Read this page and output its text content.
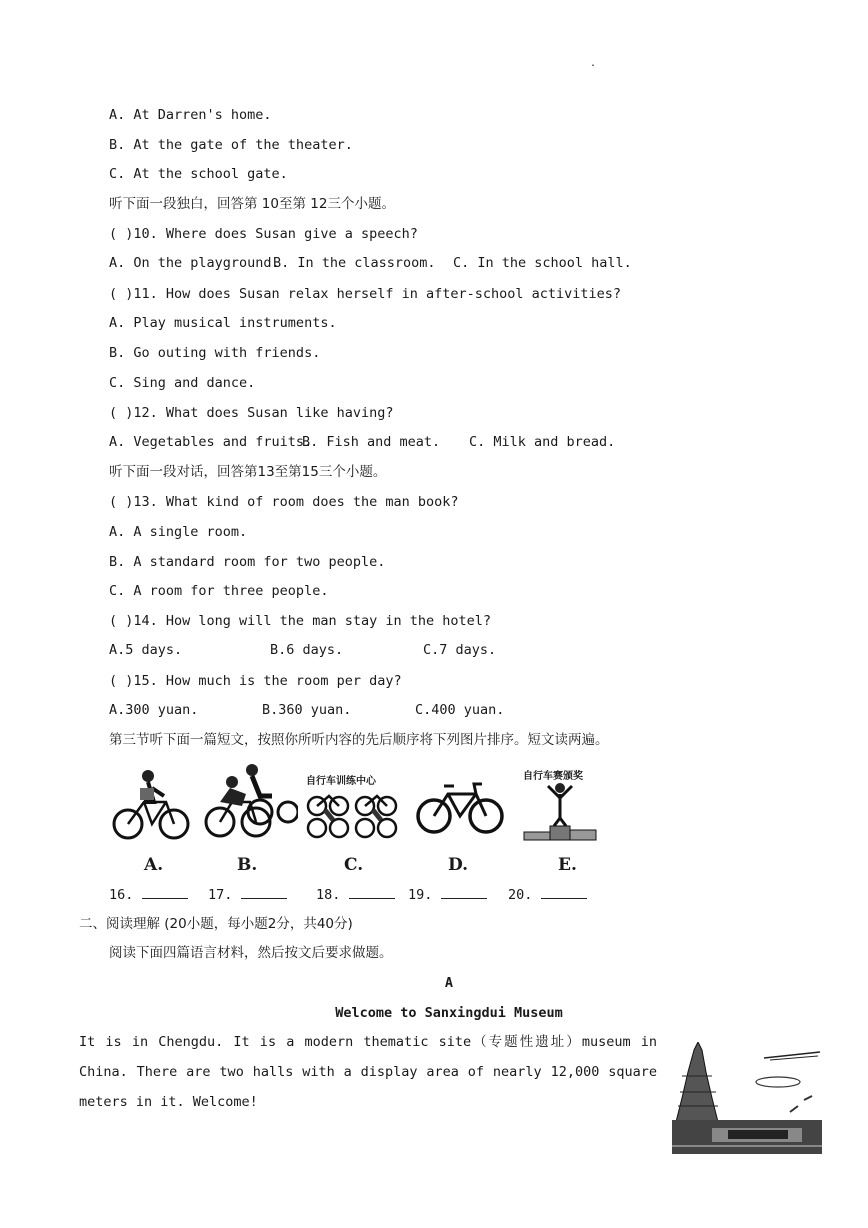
.
A. At Darren's home.
B. At the gate of the theater.
C. At the school gate.
听下面一段独白，回答第 10至第 12三个小题。
( )10. Where does Susan give a speech?
A. On the playground.
B. In the classroom. C. In the school hall.
( )11. How does Susan relax herself in after-school activities?
A. Play musical instruments.
B. Go outing with friends.
C. Sing and dance.
( )12. What does Susan like having?
A. Vegetables and fruits.
B. Fish and meat. C. Milk and bread.
听下面一段对话，回答第13至第15三个小题。
( )13. What kind of room does the man book?
A. A single room.
B. A standard room for two people.
C. A room for three people.
( )14. How long will the man stay in the hotel?
A.5 days.	B.6 days.	C.7 days.
( )15. How much is the room per day?
A.300 yuan.	B.360 yuan.	C.400 yuan.
第三节听下面一篇短文，按照你所听内容的先后顺序将下列图片排序。短文读两遍。
自行车训练中心	自行车赛颁奖
A.	B.	C.	D.	E.
16.	17.	18.	19.	20.
二、阅读理解 (20小题，每小题2分，共40分)
阅读下面四篇语言材料，然后按文后要求做题。
A
Welcome to Sanxingdui Museum
It is in Chengdu. It is a modern thematic site（专题性遗址）museum in China. There are two halls with a display area of nearly 12,000 square meters in it. Welcome!
